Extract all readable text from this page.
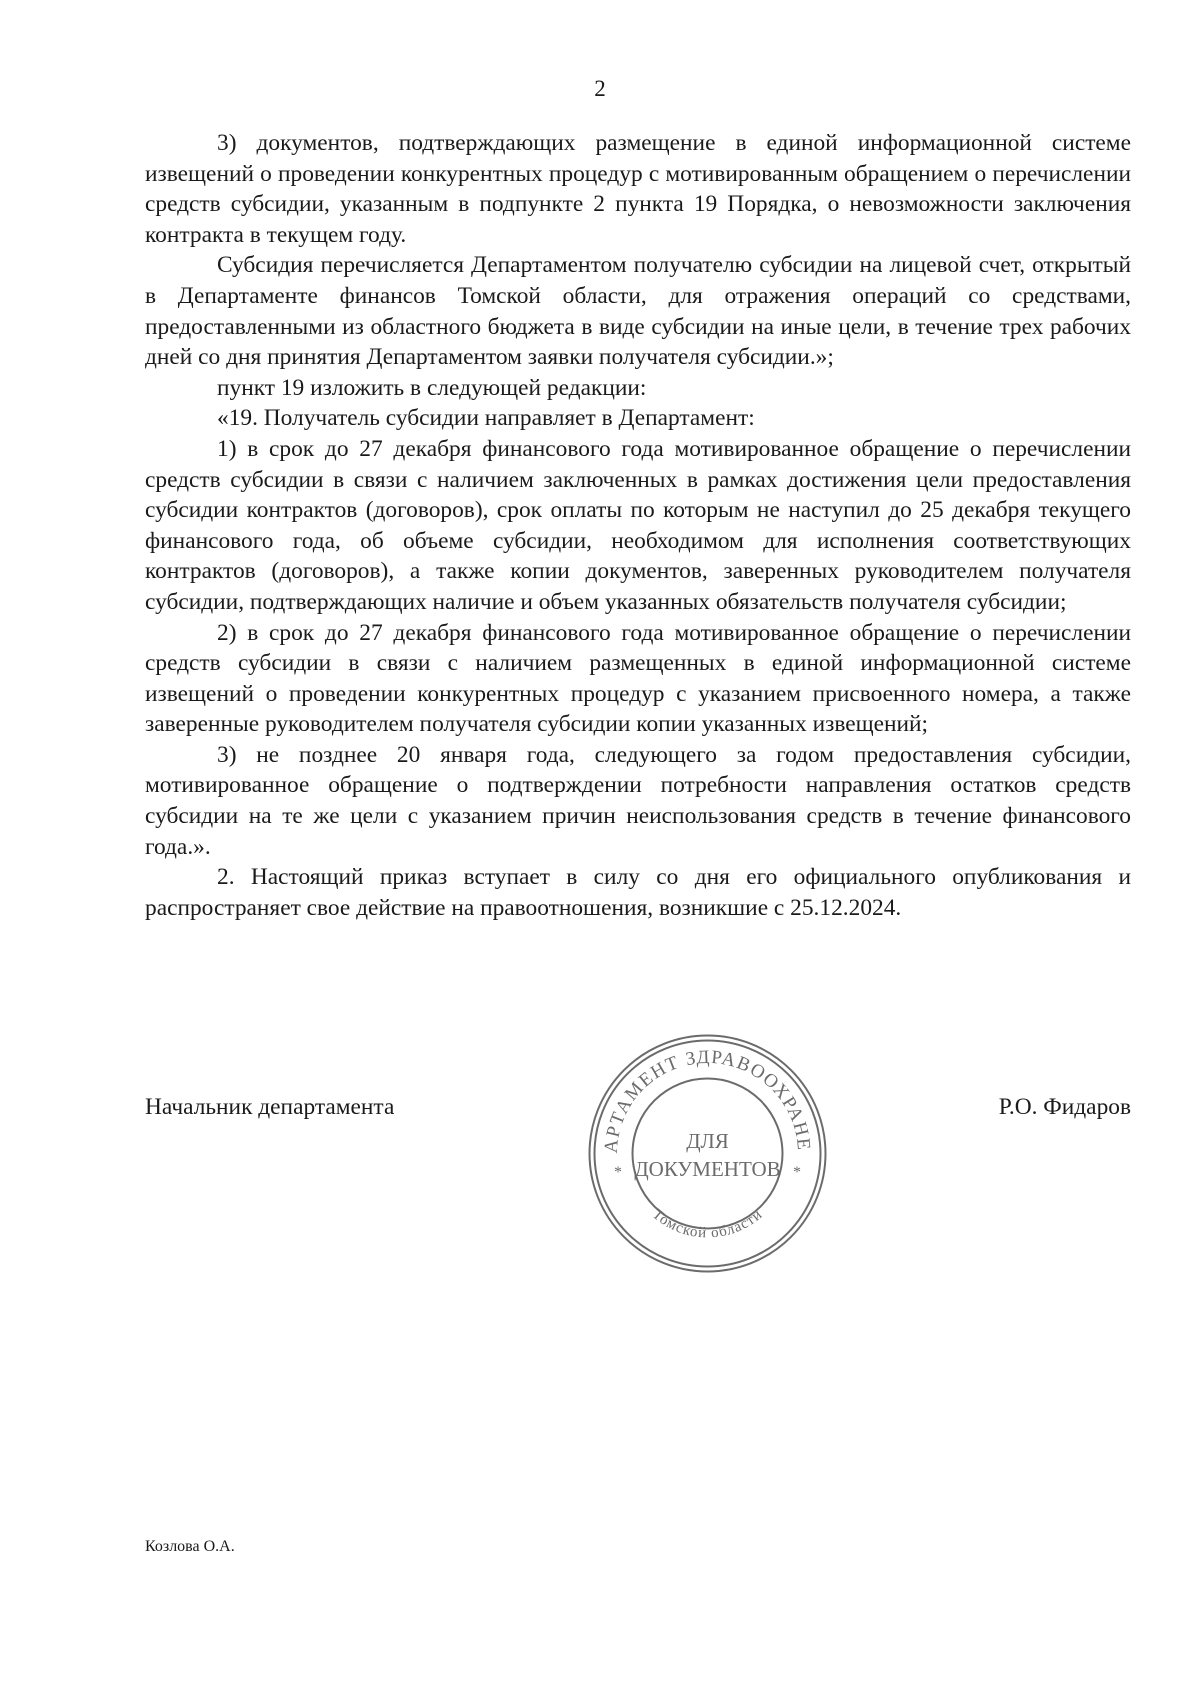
2

3) документов, подтверждающих размещение в единой информационной системе извещений о проведении конкурентных процедур с мотивированным обращением о перечислении средств субсидии, указанным в подпункте 2 пункта 19 Порядка, о невозможности заключения контракта в текущем году.

Субсидия перечисляется Департаментом получателю субсидии на лицевой счет, открытый в Департаменте финансов Томской области, для отражения операций со средствами, предоставленными из областного бюджета в виде субсидии на иные цели, в течение трех рабочих дней со дня принятия Департаментом заявки получателя субсидии.»;

пункт 19 изложить в следующей редакции:

«19. Получатель субсидии направляет в Департамент:

1) в срок до 27 декабря финансового года мотивированное обращение о перечислении средств субсидии в связи с наличием заключенных в рамках достижения цели предоставления субсидии контрактов (договоров), срок оплаты по которым не наступил до 25 декабря текущего финансового года, об объеме субсидии, необходимом для исполнения соответствующих контрактов (договоров), а также копии документов, заверенных руководителем получателя субсидии, подтверждающих наличие и объем указанных обязательств получателя субсидии;

2) в срок до 27 декабря финансового года мотивированное обращение о перечислении средств субсидии в связи с наличием размещенных в единой информационной системе извещений о проведении конкурентных процедур с указанием присвоенного номера, а также заверенные руководителем получателя субсидии копии указанных извещений;

3) не позднее 20 января года, следующего за годом предоставления субсидии, мотивированное обращение о подтверждении потребности направления остатков средств субсидии на те же цели с указанием причин неиспользования средств в течение финансового года.».

2. Настоящий приказ вступает в силу со дня его официального опубликования и распространяет свое действие на правоотношения, возникшие с 25.12.2024.

Начальник департамента	Р.О. Фидаров
АРТАМЕНТ ЗДРАВООХРАНЕ
Томской области
*	*
ДЛЯ
ДОКУМЕНТОВ
Козлова О.А.
